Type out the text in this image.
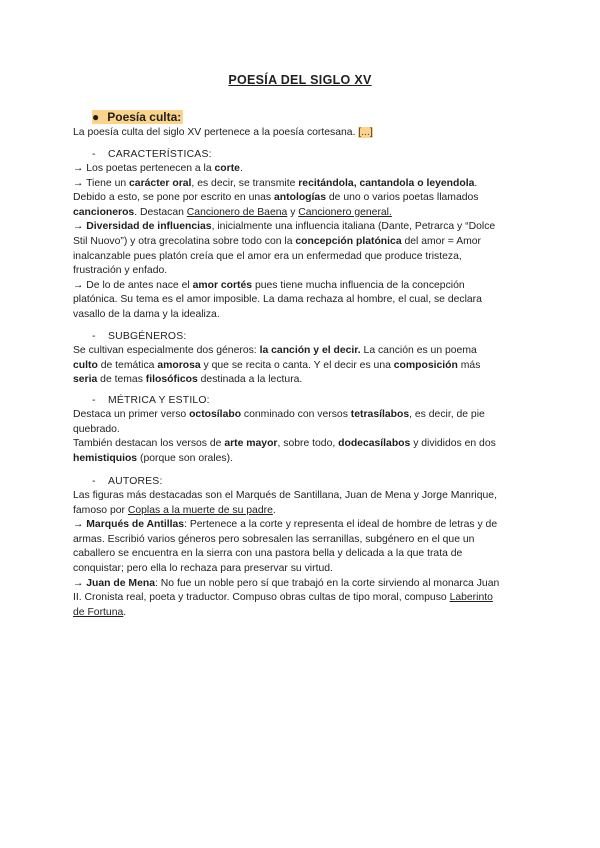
POESÍA DEL SIGLO XV
● Poesía culta:

La poesía culta del siglo XV pertenece a la poesía cortesana. [...]

- CARACTERÍSTICAS:

→ Los poetas pertenecen a la corte.

→ Tiene un carácter oral, es decir, se transmite recitándola, cantandola o leyendola.

Debido a esto, se pone por escrito en unas antologías de uno o varios poetas llamados

cancioneros. Destacan Cancionero de Baena y Cancionero general.

→ Diversidad de influencias, inicialmente una influencia italiana (Dante, Petrarca y “Dolce

Stil Nuovo”) y otra grecolatina sobre todo con la concepción platónica del amor = Amor

inalcanzable pues platón creía que el amor era un enfermedad que produce tristeza,

frustración y enfado.

→ De lo de antes nace el amor cortés pues tiene mucha influencia de la concepción

platónica. Su tema es el amor imposible. La dama rechaza al hombre, el cual, se declara

vasallo de la dama y la idealiza.

- SUBGÉNEROS:

Se cultivan especialmente dos géneros: la canción y el decir. La canción es un poema

culto de temática amorosa y que se recita o canta. Y el decir es una composición más

seria de temas filosóficos destinada a la lectura.

- MÉTRICA Y ESTILO:

Destaca un primer verso octosílabo conminado con versos tetrasílabos, es decir, de pie

quebrado.

También destacan los versos de arte mayor, sobre todo, dodecasílabos y divididos en dos

hemistiquios (porque son orales).

- AUTORES:

Las figuras más destacadas son el Marqués de Santillana, Juan de Mena y Jorge Manrique,

famoso por Coplas a la muerte de su padre.

→ Marqués de Antillas: Pertenece a la corte y representa el ideal de hombre de letras y de

armas. Escribió varios géneros pero sobresalen las serranillas, subgénero en el que un

caballero se encuentra en la sierra con una pastora bella y delicada a la que trata de

conquistar; pero ella lo rechaza para preservar su virtud.

→ Juan de Mena: No fue un noble pero sí que trabajó en la corte sirviendo al monarca Juan

II. Cronista real, poeta y traductor. Compuso obras cultas de tipo moral, compuso Laberinto

de Fortuna.
